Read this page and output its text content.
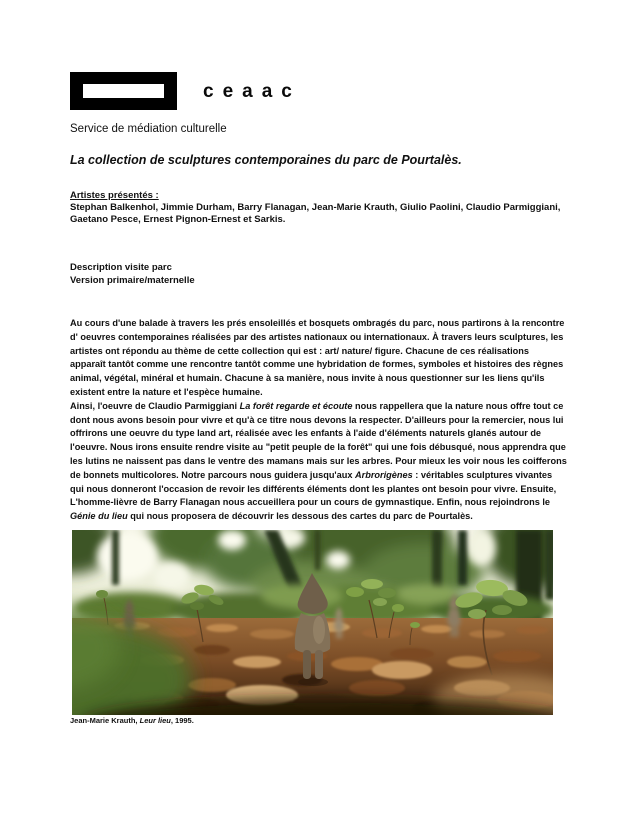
ceaac
Service de médiation culturelle
La collection de sculptures contemporaines du parc de Pourtalès.
Artistes présentés :
Stephan Balkenhol, Jimmie Durham, Barry Flanagan, Jean-Marie Krauth, Giulio Paolini, Claudio Parmiggiani, Gaetano Pesce, Ernest Pignon-Ernest et Sarkis.
Description visite parc
Version primaire/maternelle

Au cours d'une balade à travers les prés ensoleillés et bosquets ombragés du parc, nous partirons à la rencontre d' oeuvres contemporaines réalisées par des artistes nationaux ou internationaux. À travers leurs sculptures, les artistes ont répondu au thème de cette collection qui est : art/ nature/ figure. Chacune de ces réalisations apparaît tantôt comme une rencontre tantôt comme une hybridation de formes, symboles et histoires des règnes animal, végétal, minéral et humain. Chacune à sa manière, nous invite à nous questionner sur les liens qu'ils existent entre la nature et l'espèce humaine.

Ainsi, l'oeuvre de Claudio Parmiggiani La forêt regarde et écoute nous rappellera que la nature nous offre tout ce dont nous avons besoin pour vivre et qu'à ce titre nous devons la respecter. D'ailleurs pour la remercier, nous lui offrirons une oeuvre du type land art, réalisée avec les enfants à l'aide d'éléments naturels glanés autour de l'oeuvre. Nous irons ensuite rendre visite au "petit peuple de la forêt" qui une fois débusqué, nous apprendra que les lutins ne naissent pas dans le ventre des mamans mais sur les arbres. Pour mieux les voir nous les coifferons de bonnets multicolores. Notre parcours nous guidera jusqu'aux Arbrorigènes : véritables sculptures vivantes qui nous donneront l'occasion de revoir les différents éléments dont les plantes ont besoin pour vivre. Ensuite, L'homme-lièvre de Barry Flanagan nous accueillera pour un cours de gymnastique. Enfin, nous rejoindrons le Génie du lieu qui nous proposera de découvrir les dessous des cartes du parc de Pourtalès.

Jean-Marie Krauth, Leur lieu, 1995.
